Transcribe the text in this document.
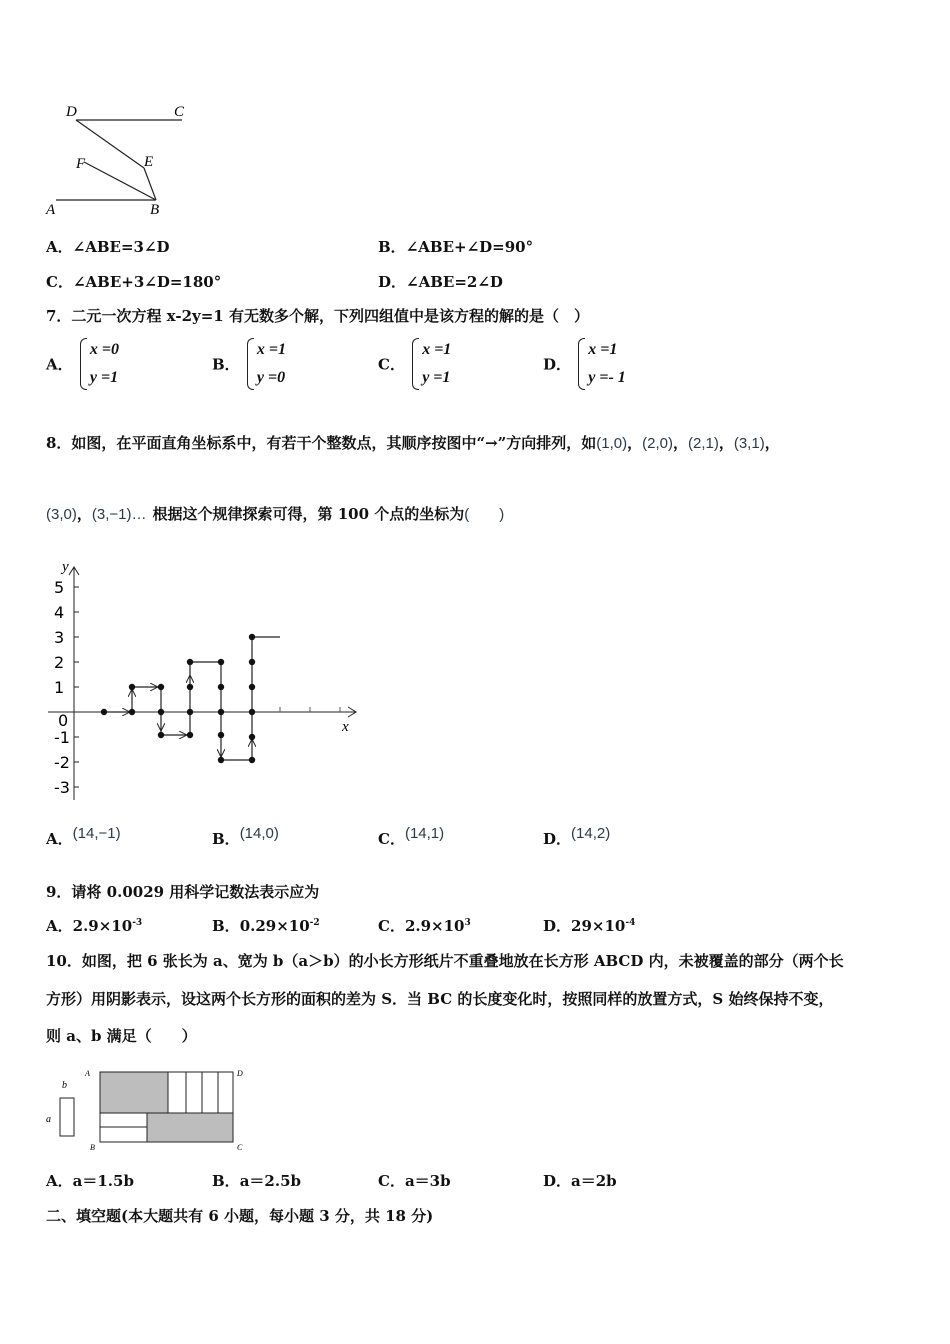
D	C
F	E
A	B
A．∠ABE=3∠D	B．∠ABE+∠D=90°
C．∠ABE+3∠D=180°	D．∠ABE=2∠D
7．二元一次方程 x-2y=1 有无数多个解，下列四组值中是该方程的解的是（　）
A．
x =0
y =1
B．
x =1
y =0
C．
x =1
y =1
D．
x =1
y =- 1
8．如图，在平面直角坐标系中，有若干个整数点，其顺序按图中“→”方向排列，如(1,0)，(2,0)，(2,1)，(3,1)，
(3,0)，(3,−1)… 根据这个规律探索可得，第 100 个点的坐标为(　　)
y
x
5
4
3
2
1
0
-1
-2
-3
A．(14,−1)	B．(14,0)	C．(14,1)	D．(14,2)
9．请将 0.0029 用科学记数法表示应为
A．$2.9\times 10^{-3}$	B．$0.29\times 10^{-2}$	C．$2.9\times 10^3$	D．$29\times 10^{-4}$
10．如图，把 6 张长为 a、宽为 b（a＞b）的小长方形纸片不重叠地放在长方形 ABCD 内，未被覆盖的部分（两个长
方形）用阴影表示，设这两个长方形的面积的差为 S．当 BC 的长度变化时，按照同样的放置方式，S 始终保持不变，
则 a、b 满足（　　）
b
a
A	D
B	C
A．a＝1.5b	B．a＝2.5b	C．a＝3b	D．a＝2b
二、填空题(本大题共有 6 小题，每小题 3 分，共 18 分)
